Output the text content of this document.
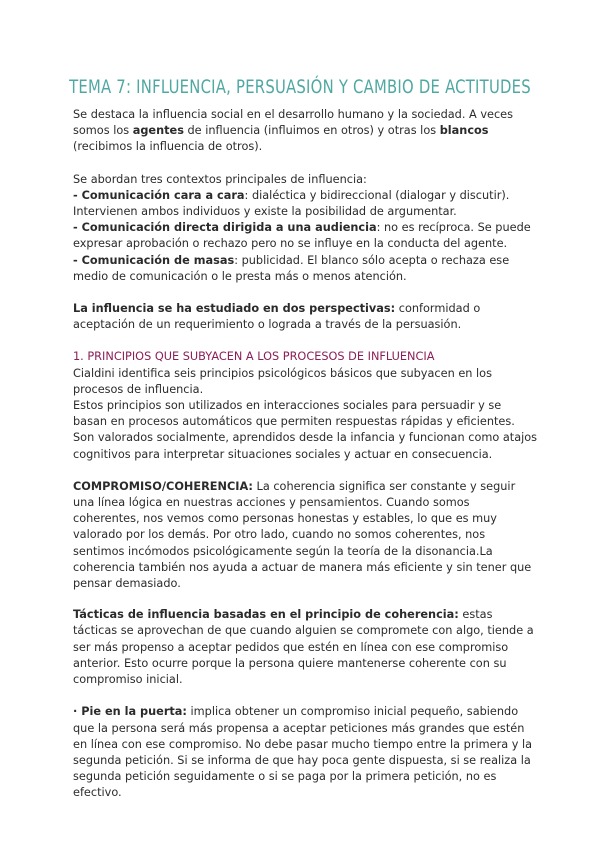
TEMA 7: INFLUENCIA, PERSUASIÓN Y CAMBIO DE ACTITUDES

Se destaca la influencia social en el desarrollo humano y la sociedad. A veces somos los agentes de influencia (influimos en otros) y otras los blancos (recibimos la influencia de otros).

Se abordan tres contextos principales de influencia:

- Comunicación cara a cara: dialéctica y bidireccional (dialogar y discutir). Intervienen ambos individuos y existe la posibilidad de argumentar.

- Comunicación directa dirigida a una audiencia: no es recíproca. Se puede expresar aprobación o rechazo pero no se influye en la conducta del agente.

- Comunicación de masas: publicidad. El blanco sólo acepta o rechaza ese medio de comunicación o le presta más o menos atención.

La influencia se ha estudiado en dos perspectivas: conformidad o aceptación de un requerimiento o lograda a través de la persuasión.

1. PRINCIPIOS QUE SUBYACEN A LOS PROCESOS DE INFLUENCIA

Cialdini identifica seis principios psicológicos básicos que subyacen en los procesos de influencia.

Estos principios son utilizados en interacciones sociales para persuadir y se basan en procesos automáticos que permiten respuestas rápidas y eficientes. Son valorados socialmente, aprendidos desde la infancia y funcionan como atajos cognitivos para interpretar situaciones sociales y actuar en consecuencia.

COMPROMISO/COHERENCIA: La coherencia significa ser constante y seguir una línea lógica en nuestras acciones y pensamientos. Cuando somos coherentes, nos vemos como personas honestas y estables, lo que es muy valorado por los demás. Por otro lado, cuando no somos coherentes, nos sentimos incómodos psicológicamente según la teoría de la disonancia.La coherencia también nos ayuda a actuar de manera más eficiente y sin tener que pensar demasiado.

Tácticas de influencia basadas en el principio de coherencia: estas tácticas se aprovechan de que cuando alguien se compromete con algo, tiende a ser más propenso a aceptar pedidos que estén en línea con ese compromiso anterior. Esto ocurre porque la persona quiere mantenerse coherente con su compromiso inicial.

· Pie en la puerta: implica obtener un compromiso inicial pequeño, sabiendo que la persona será más propensa a aceptar peticiones más grandes que estén en línea con ese compromiso. No debe pasar mucho tiempo entre la primera y la segunda petición. Si se informa de que hay poca gente dispuesta, si se realiza la segunda petición seguidamente o si se paga por la primera petición, no es efectivo.
